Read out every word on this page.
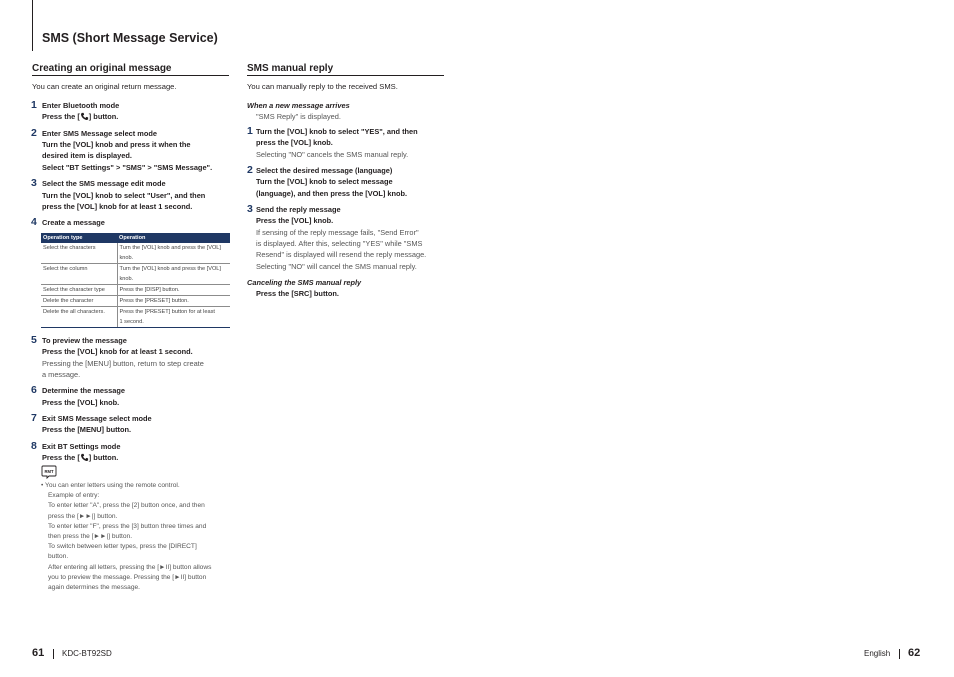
SMS (Short Message Service)
Creating an original message
You can create an original return message.
1 Enter Bluetooth mode
Press the [ ] button.
2 Enter SMS Message select mode
Turn the [VOL] knob and press it when the
desired item is displayed.
Select "BT Settings" > "SMS" > "SMS Message".
3 Select the SMS message edit mode
Turn the [VOL] knob to select "User", and then
press the [VOL] knob for at least 1 second.
4 Create a message
Operation type	Operation
Select the characters	Turn the [VOL] knob and press the [VOL]
knob.

Select the column	Turn the [VOL] knob and press the [VOL]
knob.

Select the character type	Press the [DISP] button.
Delete the character	Press the [PRESET] button.
Delete the all characters.	Press the [PRESET] button for at least
1 second.
5 To preview the message
Press the [VOL] knob for at least 1 second.
Pressing the [MENU] button, return to step create
a message.
6 Determine the message
Press the [VOL] knob.
7 Exit SMS Message select mode
Press the [MENU] button.
8 Exit BT Settings mode
Press the [ ] button.
RMT
• You can enter letters using the remote control.
Example of entry:
To enter letter "A", press the [2] button once, and then
press the [►►|] button.
To enter letter "F", press the [3] button three times and
then press the [►►|] button.
To switch between letter types, press the [DIRECT]
button.
After entering all letters, pressing the [►II] button allows
you to preview the message. Pressing the [►II] button
again determines the message.
SMS manual reply
You can manually reply to the received SMS.
When a new message arrives
"SMS Reply" is displayed.
1 Turn the [VOL] knob to select "YES", and then
press the [VOL] knob.
Selecting "NO" cancels the SMS manual reply.
2 Select the desired message (language)
Turn the [VOL] knob to select message
(language), and then press the [VOL] knob.
3 Send the reply message
Press the [VOL] knob.
If sensing of the reply message fails, "Send Error"
is displayed. After this, selecting "YES" while "SMS
Resend" is displayed will resend the reply message.
Selecting "NO" will cancel the SMS manual reply.
Canceling the SMS manual reply
Press the [SRC] button.
61 KDC-BT92SD	English 62
